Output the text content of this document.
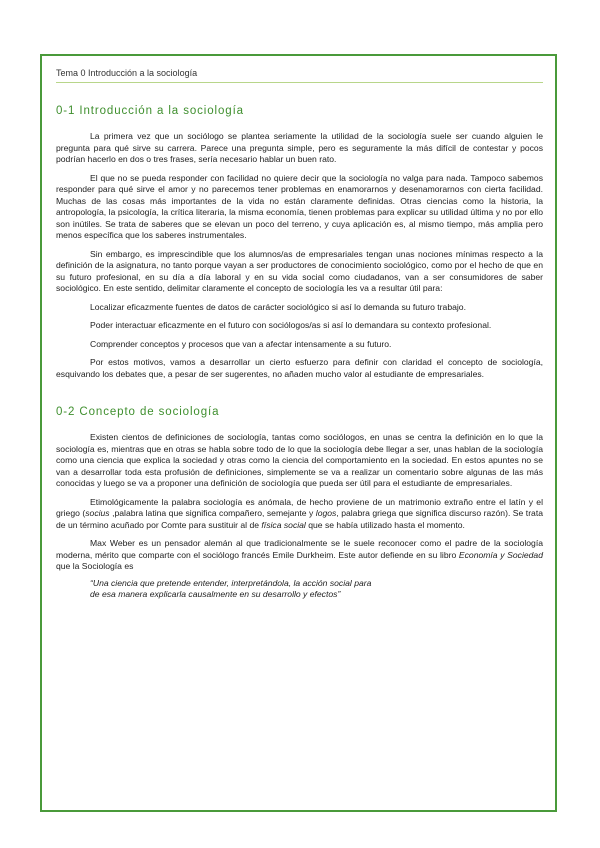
Tema 0 Introducción a la sociología
0-1 Introducción a la sociología

La primera vez que un sociólogo se plantea seriamente la utilidad de la sociología suele ser cuando alguien le pregunta para qué sirve su carrera. Parece una pregunta simple, pero es seguramente la más difícil de contestar y pocos podrían hacerlo en dos o tres frases, sería necesario hablar un buen rato.

El que no se pueda responder con facilidad no quiere decir que la sociología no valga para nada. Tampoco sabemos responder para qué sirve el amor y no parecemos tener problemas en enamorarnos y desenamorarnos con cierta facilidad. Muchas de las cosas más importantes de la vida no están claramente definidas. Otras ciencias como la historia, la antropología, la psicología, la crítica literaria, la misma economía, tienen problemas para explicar su utilidad última y no por ello son inútiles. Se trata de saberes que se elevan un poco del terreno, y cuya aplicación es, al mismo tiempo, más amplia pero menos específica que los saberes instrumentales.

Sin embargo, es imprescindible que los alumnos/as de empresariales tengan unas nociones mínimas respecto a la definición de la asignatura, no tanto porque vayan a ser productores de conocimiento sociológico, como por el hecho de que en su futuro profesional, en su día a día laboral y en su vida social como ciudadanos, van a ser consumidores de saber sociológico. En este sentido, delimitar claramente el concepto de sociología les va a resultar útil para:

Localizar eficazmente fuentes de datos de carácter sociológico si así lo demanda su futuro trabajo.

Poder interactuar eficazmente en el futuro con sociólogos/as si así lo demandara su contexto profesional.

Comprender conceptos y procesos que van a afectar intensamente a su futuro.

Por estos motivos, vamos a desarrollar un cierto esfuerzo para definir con claridad el concepto de sociología, esquivando los debates que, a pesar de ser sugerentes, no añaden mucho valor al estudiante de empresariales.

0-2 Concepto de sociología

Existen cientos de definiciones de sociología, tantas como sociólogos, en unas se centra la definición en lo que la sociología es, mientras que en otras se habla sobre todo de lo que la sociología debe llegar a ser, unas hablan de la sociología como una ciencia que explica la sociedad y otras como la ciencia del comportamiento en la sociedad. En estos apuntes no se van a desarrollar toda esta profusión de definiciones, simplemente se va a realizar un comentario sobre algunas de las más conocidas y luego se va a proponer una definición de sociología que pueda ser útil para el estudiante de empresariales.

Etimológicamente la palabra sociología es anómala, de hecho proviene de un matrimonio extraño entre el latín y el griego (socius ,palabra latina que significa compañero, semejante y logos, palabra griega que significa discurso razón). Se trata de un término acuñado por Comte para sustituir al de física social que se había utilizado hasta el momento.

Max Weber es un pensador alemán al que tradicionalmente se le suele reconocer como el padre de la sociología moderna, mérito que comparte con el sociólogo francés Emile Durkheim. Este autor defiende en su libro Economía y Sociedad que la Sociología es

“Una ciencia que pretende entender, interpretándola, la acción social para
de esa manera explicarla causalmente en su desarrollo y efectos”
